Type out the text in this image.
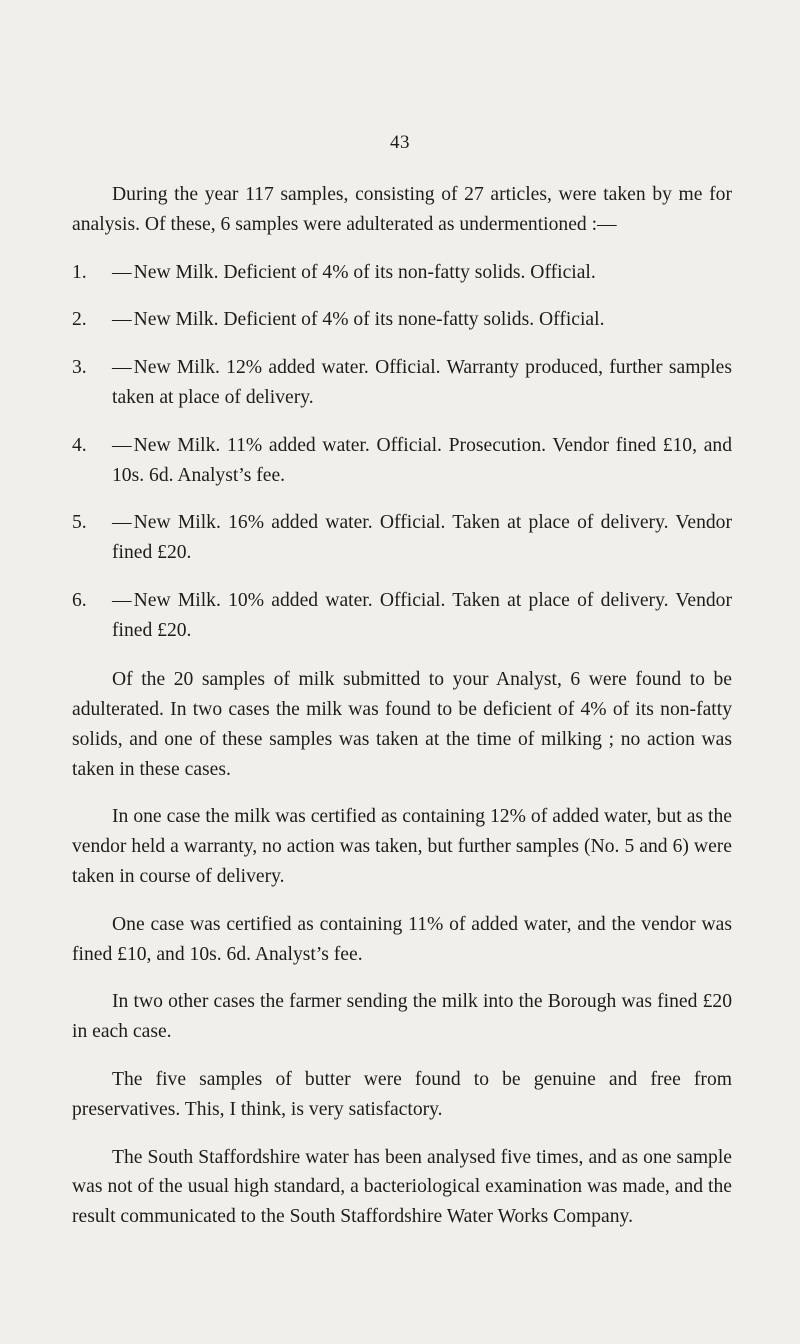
43

During the year 117 samples, consisting of 27 articles, were taken by me for analysis. Of these, 6 samples were adulterated as undermentioned :—

1. — New Milk. Deficient of 4% of its non-fatty solids. Official.
2. — New Milk. Deficient of 4% of its none-fatty solids. Official.
3. — New Milk. 12% added water. Official. Warranty produced, further samples taken at place of delivery.
4. — New Milk. 11% added water. Official. Prosecution. Vendor fined £10, and 10s. 6d. Analyst’s fee.
5. — New Milk. 16% added water. Official. Taken at place of delivery. Vendor fined £20.
6. — New Milk. 10% added water. Official. Taken at place of delivery. Vendor fined £20.

Of the 20 samples of milk submitted to your Analyst, 6 were found to be adulterated. In two cases the milk was found to be deficient of 4% of its non-fatty solids, and one of these samples was taken at the time of milking ; no action was taken in these cases.

In one case the milk was certified as containing 12% of added water, but as the vendor held a warranty, no action was taken, but further samples (No. 5 and 6) were taken in course of delivery.

One case was certified as containing 11% of added water, and the vendor was fined £10, and 10s. 6d. Analyst’s fee.

In two other cases the farmer sending the milk into the Borough was fined £20 in each case.

The five samples of butter were found to be genuine and free from preservatives. This, I think, is very satisfactory.

The South Staffordshire water has been analysed five times, and as one sample was not of the usual high standard, a bacteriological examination was made, and the result communicated to the South Staffordshire Water Works Company.
